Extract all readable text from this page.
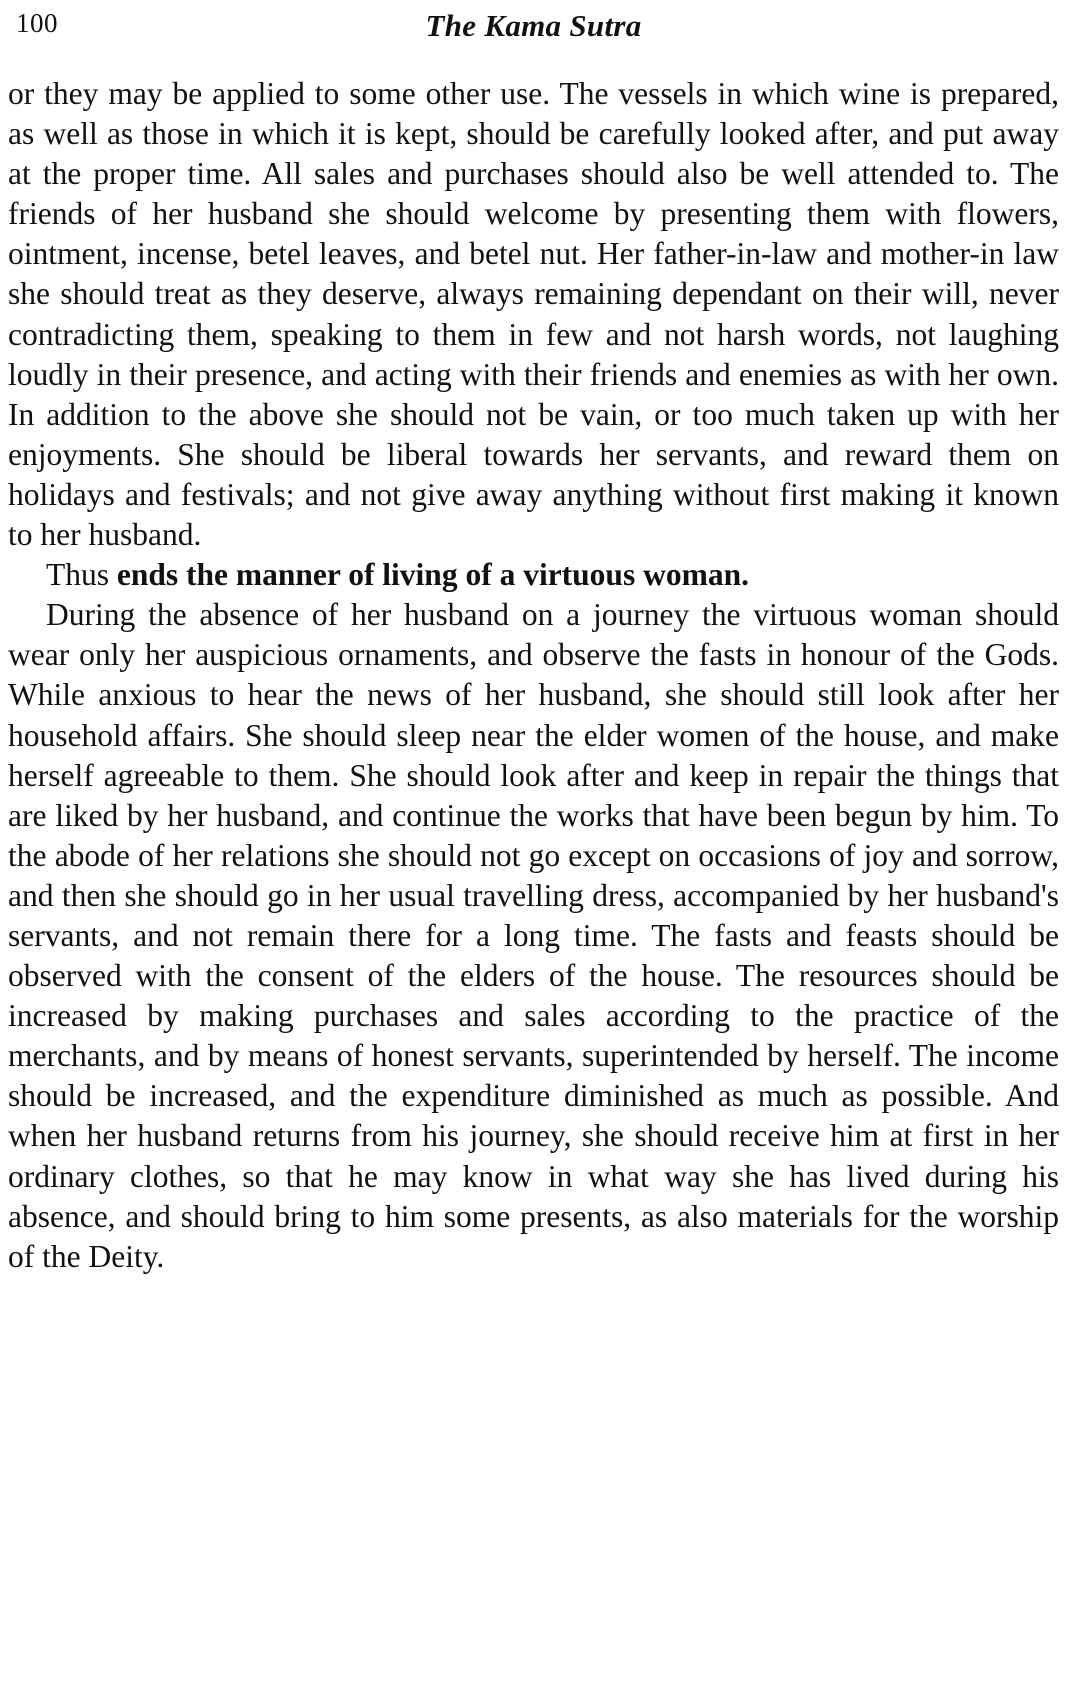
100	The Kama Sutra

or they may be applied to some other use. The vessels in which wine is prepared, as well as those in which it is kept, should be carefully looked after, and put away at the proper time. All sales and purchases should also be well attended to. The friends of her husband she should welcome by presenting them with flowers, ointment, incense, betel leaves, and betel nut. Her father-in-law and mother-in law she should treat as they deserve, always remaining dependant on their will, never contradicting them, speaking to them in few and not harsh words, not laughing loudly in their presence, and acting with their friends and enemies as with her own. In addition to the above she should not be vain, or too much taken up with her enjoyments. She should be liberal towards her servants, and reward them on holidays and festivals; and not give away anything without first making it known to her husband.

Thus ends the manner of living of a virtuous woman.

During the absence of her husband on a journey the virtuous woman should wear only her auspicious ornaments, and observe the fasts in honour of the Gods. While anxious to hear the news of her husband, she should still look after her household affairs. She should sleep near the elder women of the house, and make herself agreeable to them. She should look after and keep in repair the things that are liked by her husband, and continue the works that have been begun by him. To the abode of her relations she should not go except on occasions of joy and sorrow, and then she should go in her usual travelling dress, accompanied by her husband's servants, and not remain there for a long time. The fasts and feasts should be observed with the consent of the elders of the house. The resources should be increased by making purchases and sales according to the practice of the merchants, and by means of honest servants, superintended by herself. The income should be increased, and the expenditure diminished as much as possible. And when her husband returns from his journey, she should receive him at first in her ordinary clothes, so that he may know in what way she has lived during his absence, and should bring to him some presents, as also materials for the worship of the Deity.
